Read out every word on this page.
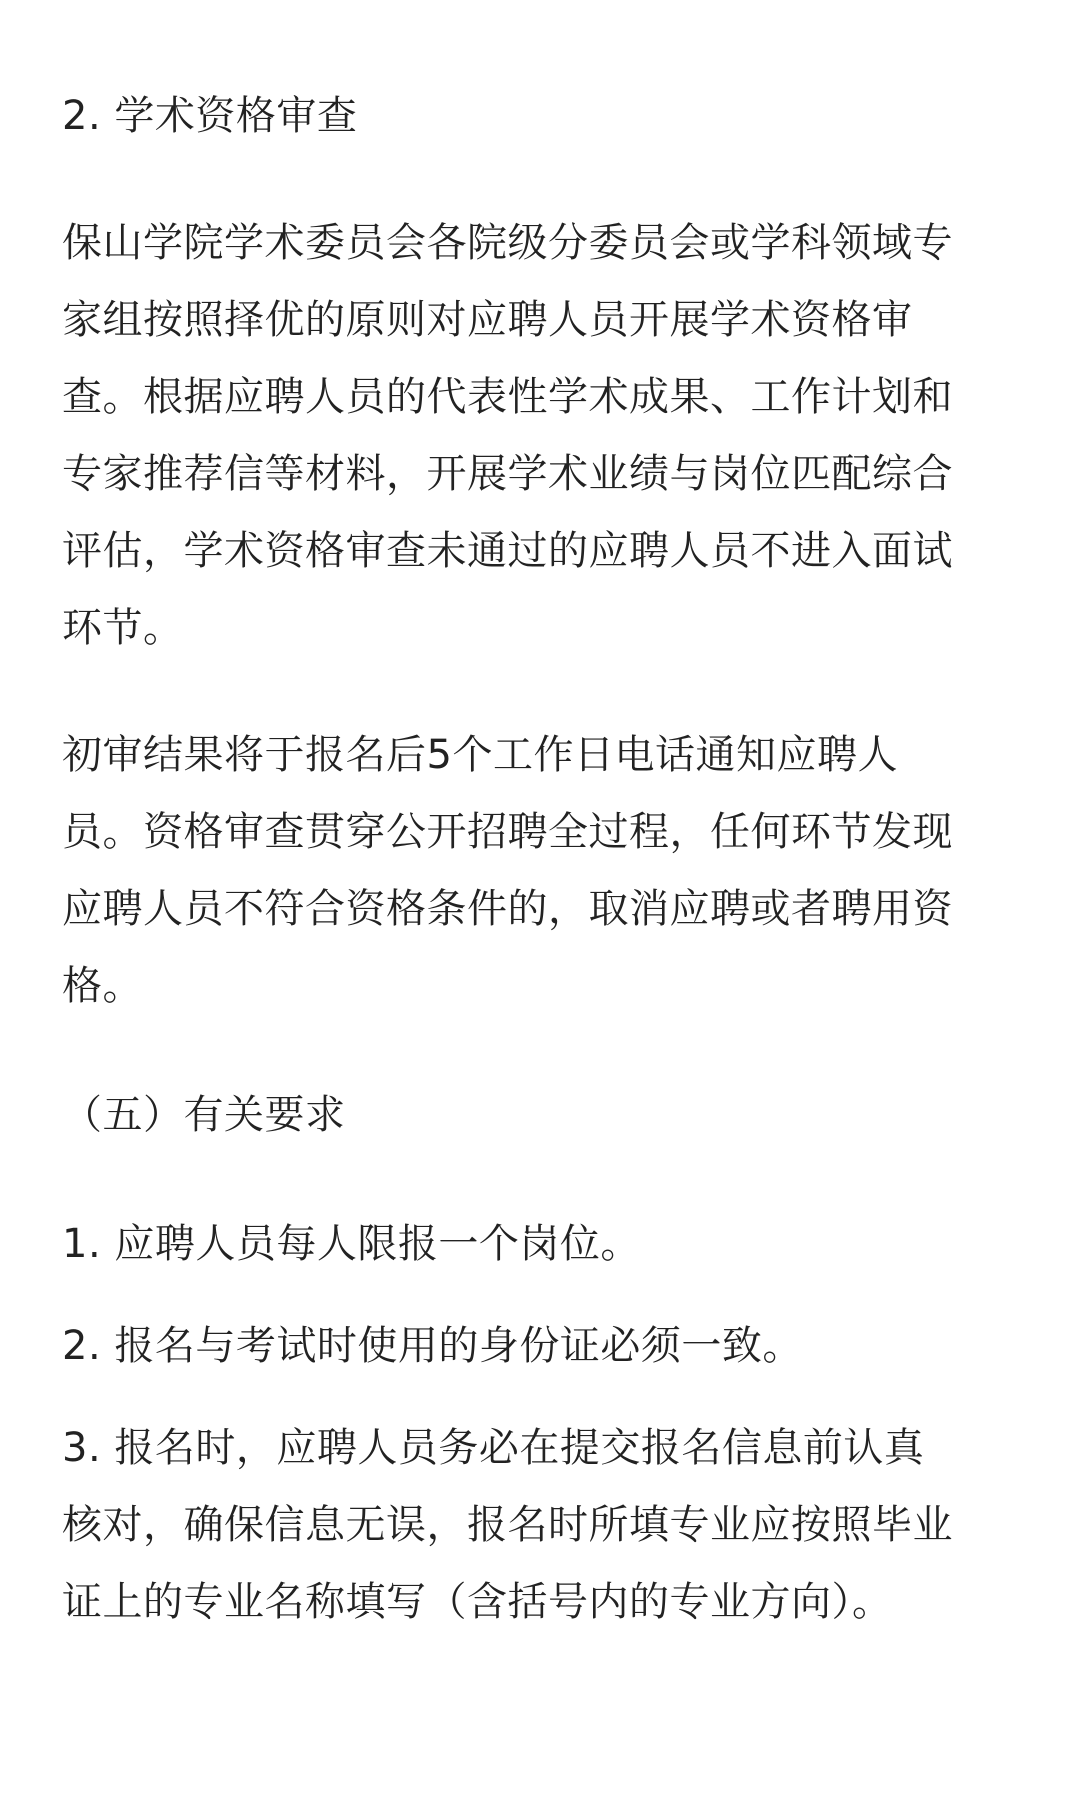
2. 学术资格审查
保山学院学术委员会各院级分委员会或学科领域专
家组按照择优的原则对应聘人员开展学术资格审
查。根据应聘人员的代表性学术成果、工作计划和
专家推荐信等材料，开展学术业绩与岗位匹配综合
评估，学术资格审查未通过的应聘人员不进入面试
环节。
初审结果将于报名后5个工作日电话通知应聘人
员。资格审查贯穿公开招聘全过程，任何环节发现
应聘人员不符合资格条件的，取消应聘或者聘用资
格。
（五）有关要求
1. 应聘人员每人限报一个岗位。
2. 报名与考试时使用的身份证必须一致。
3. 报名时，应聘人员务必在提交报名信息前认真
核对，确保信息无误，报名时所填专业应按照毕业
证上的专业名称填写（含括号内的专业方向）。
